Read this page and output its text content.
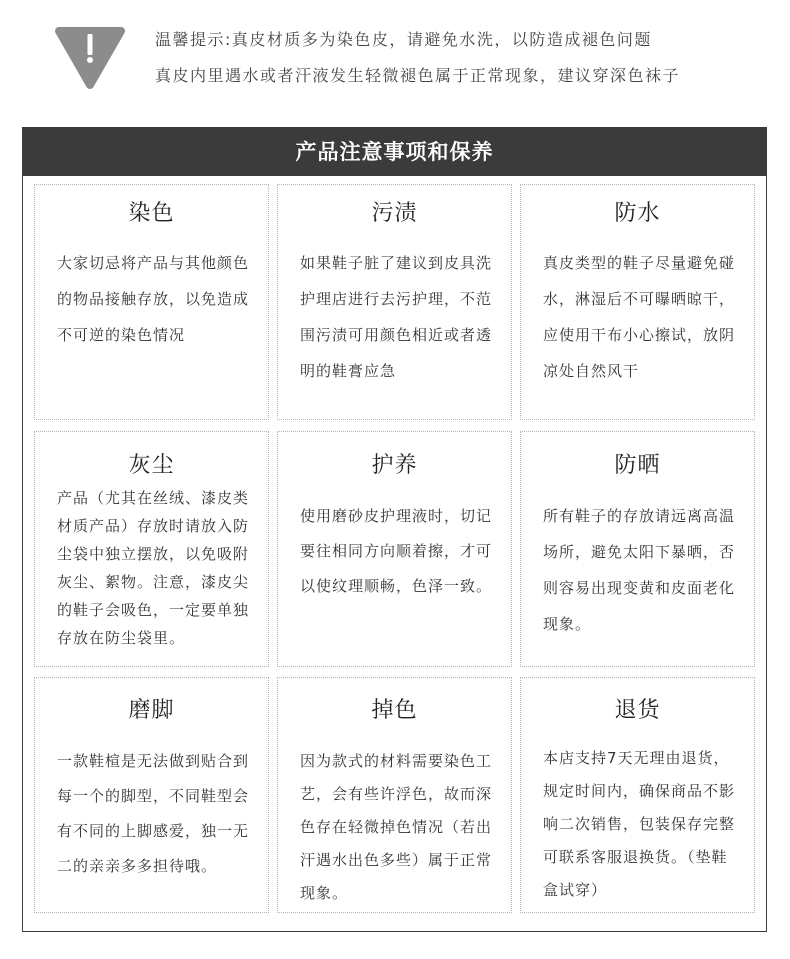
温馨提示:真皮材质多为染色皮，请避免水洗，以防造成褪色问题
真皮内里遇水或者汗液发生轻微褪色属于正常现象，建议穿深色袜子
产品注意事项和保养
染色
大家切忌将产品与其他颜色
的物品接触存放，以免造成
不可逆的染色情况
污渍
如果鞋子脏了建议到皮具洗
护理店进行去污护理，不范
围污渍可用颜色相近或者透
明的鞋膏应急
防水
真皮类型的鞋子尽量避免碰
水，淋湿后不可曝晒晾干，
应使用干布小心擦试，放阴
凉处自然风干
灰尘
产品（尤其在丝绒、漆皮类
材质产品）存放时请放入防
尘袋中独立摆放，以免吸附
灰尘、絮物。注意，漆皮尖
的鞋子会吸色，一定要单独
存放在防尘袋里。
护养
使用磨砂皮护理液时，切记
要往相同方向顺着擦，才可
以使纹理顺畅，色泽一致。
防晒
所有鞋子的存放请远离高温
场所，避免太阳下暴晒，否
则容易出现变黄和皮面老化
现象。
磨脚
一款鞋楦是无法做到贴合到
每一个的脚型，不同鞋型会
有不同的上脚感爱，独一无
二的亲亲多多担待哦。
掉色
因为款式的材料需要染色工
艺，会有些许浮色，故而深
色存在轻微掉色情况（若出
汗遇水出色多些）属于正常
现象。
退货
本店支持7天无理由退货，
规定时间内，确保商品不影
响二次销售，包装保存完整
可联系客服退换货。（垫鞋
盒试穿）
